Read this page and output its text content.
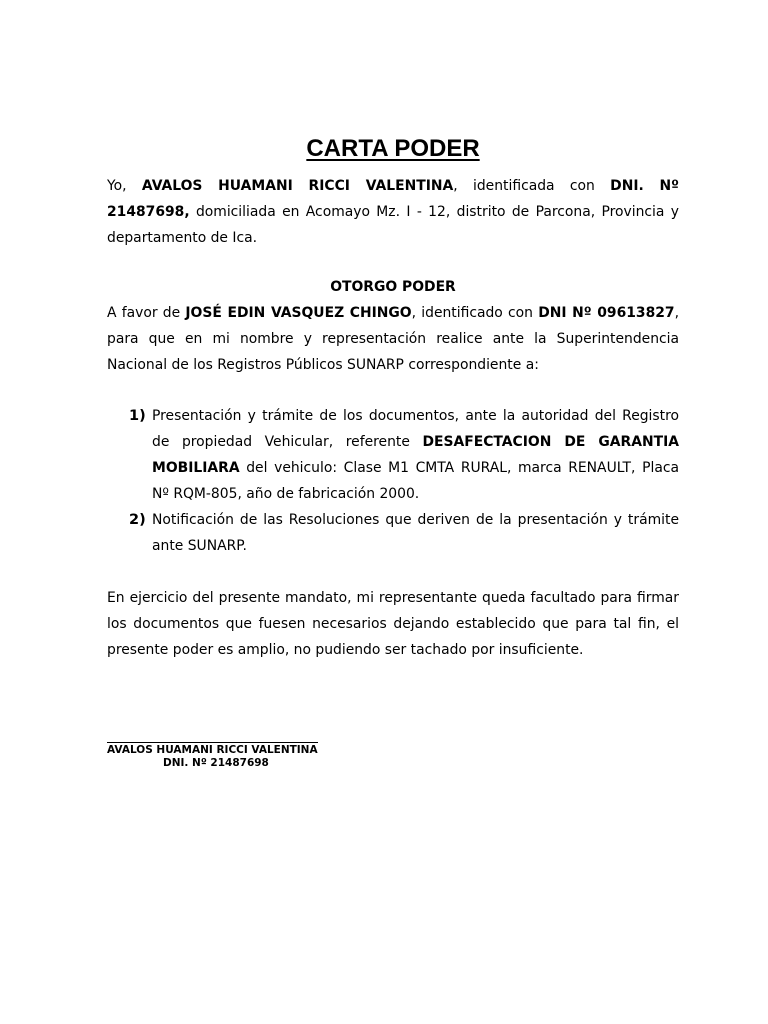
CARTA PODER

Yo, AVALOS HUAMANI RICCI VALENTINA, identificada con DNI. Nº 21487698, domiciliada en Acomayo Mz. I - 12, distrito de Parcona, Provincia y departamento de Ica.

OTORGO PODER

A favor de JOSÉ EDIN VASQUEZ CHINGO, identificado con DNI Nº 09613827, para que en mi nombre y representación realice ante la Superintendencia Nacional de los Registros Públicos SUNARP correspondiente a:

1) Presentación y trámite de los documentos, ante la autoridad del Registro de propiedad Vehicular, referente DESAFECTACION DE GARANTIA MOBILIARA del vehiculo: Clase M1 CMTA RURAL, marca RENAULT, Placa Nº RQM-805, año de fabricación 2000.
2) Notificación de las Resoluciones que deriven de la presentación y trámite ante SUNARP.

En ejercicio del presente mandato, mi representante queda facultado para firmar los documentos que fuesen necesarios dejando establecido que para tal fin, el presente poder es amplio, no pudiendo ser tachado por insuficiente.

AVALOS HUAMANI RICCI VALENTINA

DNI. Nº 21487698
